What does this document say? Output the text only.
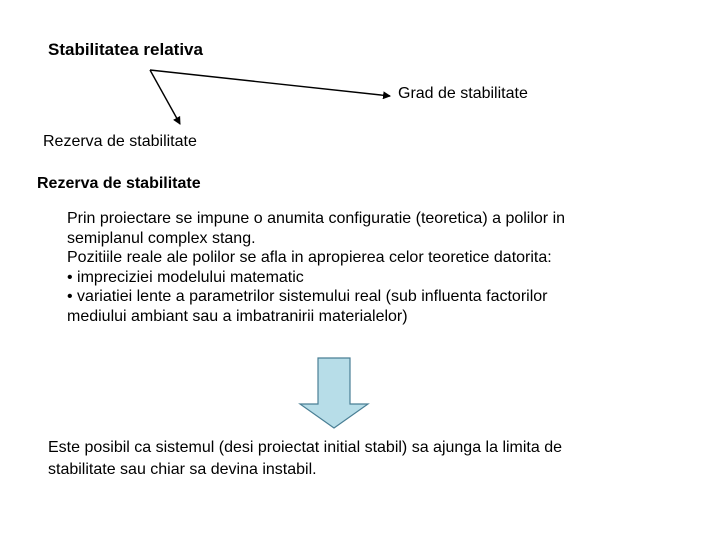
Stabilitatea relativa
Grad de stabilitate
Rezerva de stabilitate
Rezerva de stabilitate
Prin proiectare se impune o anumita configuratie (teoretica) a polilor in
semiplanul complex stang.
Pozitiile reale ale polilor se afla in apropierea celor teoretice datorita:
• impreciziei modelului matematic
• variatiei lente a parametrilor sistemului real (sub influenta factorilor
mediului ambiant sau a imbatranirii materialelor)
Este posibil ca sistemul (desi proiectat initial stabil) sa ajunga la limita de
stabilitate sau chiar sa devina instabil.
